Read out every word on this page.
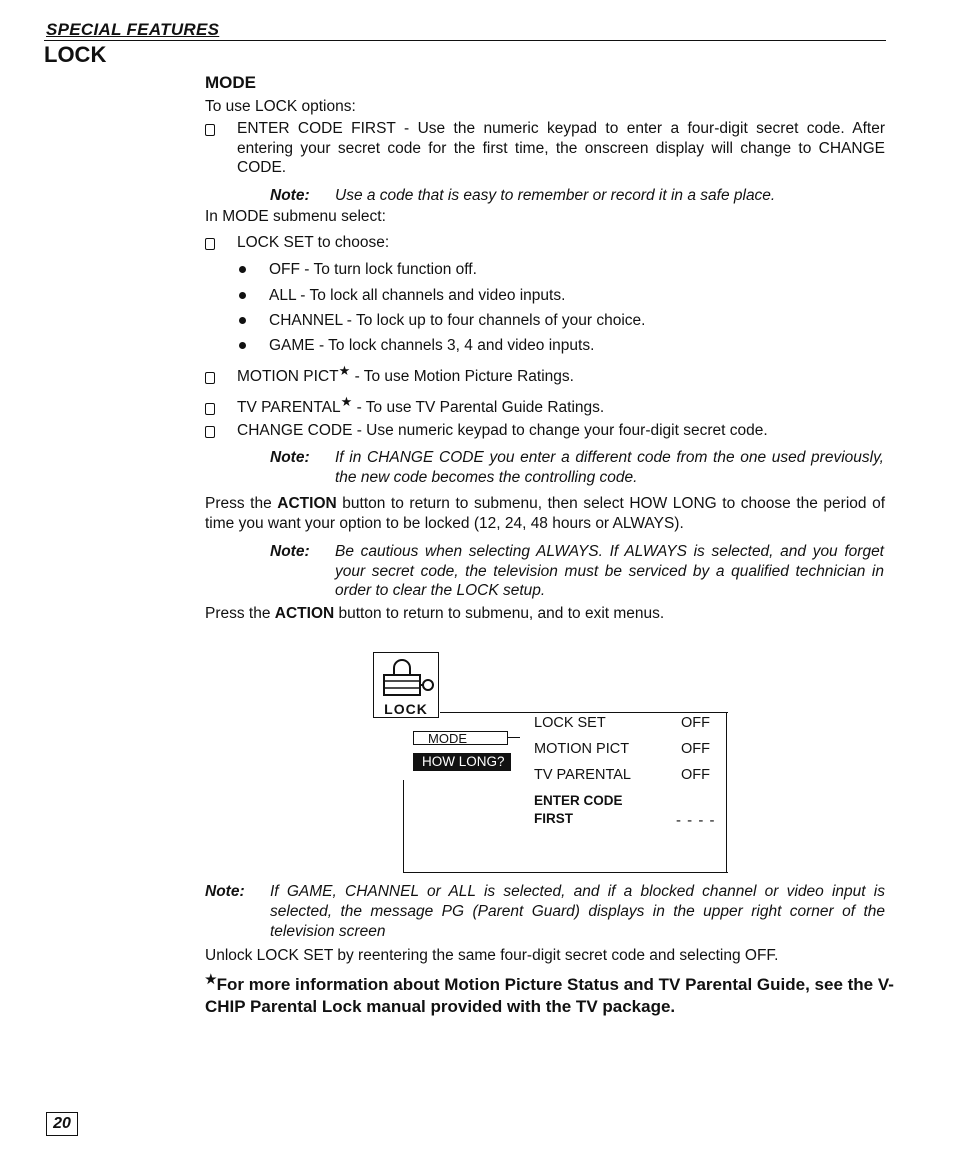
SPECIAL FEATURES
LOCK
MODE
To use LOCK options:
ENTER CODE FIRST - Use the numeric keypad to enter a four-digit secret code. After entering your secret code for the first time, the onscreen display will change to CHANGE CODE.
Note: Use a code that is easy to remember or record it in a safe place.
In MODE submenu select:
LOCK SET to choose:
OFF - To turn lock function off.
ALL - To lock all channels and video inputs.
CHANNEL - To lock up to four channels of your choice.
GAME - To lock channels 3, 4 and video inputs.
MOTION PICT★ - To use Motion Picture Ratings.
TV PARENTAL★ - To use TV Parental Guide Ratings.
CHANGE CODE - Use numeric keypad to change your four-digit secret code.
Note: If in CHANGE CODE you enter a different code from the one used previously, the new code becomes the controlling code.
Press the ACTION button to return to submenu, then select HOW LONG to choose the period of time you want your option to be locked (12, 24, 48 hours or ALWAYS).
Note: Be cautious when selecting ALWAYS. If ALWAYS is selected, and you forget your secret code, the television must be serviced by a qualified technician in order to clear the LOCK setup.
Press the ACTION button to return to submenu, and to exit menus.
LOCK
MODE
HOW LONG?
LOCK SET	OFF
MOTION PICT	OFF
TV PARENTAL	OFF
ENTER CODE
FIRST	- - - -
Note: If GAME, CHANNEL or ALL is selected, and if a blocked channel or video input is selected, the message PG (Parent Guard) displays in the upper right corner of the television screen
Unlock LOCK SET by reentering the same four-digit secret code and selecting OFF.
★For more information about Motion Picture Status and TV Parental Guide, see the V-CHIP Parental Lock manual provided with the TV package.
20
